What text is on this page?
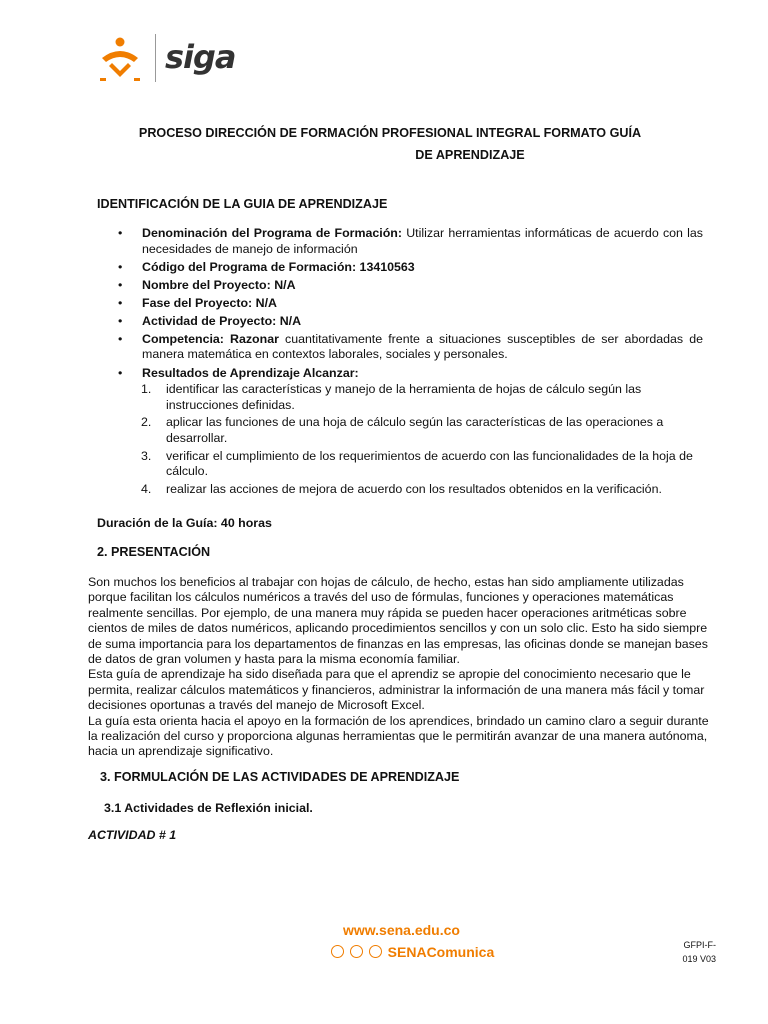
siga
PROCESO DIRECCIÓN DE FORMACIÓN PROFESIONAL INTEGRAL FORMATO GUÍA
DE APRENDIZAJE
IDENTIFICACIÓN DE LA GUIA DE APRENDIZAJE
• Denominación del Programa de Formación: Utilizar herramientas informáticas de acuerdo con las necesidades de manejo de información
• Código del Programa de Formación: 13410563
• Nombre del Proyecto: N/A
• Fase del Proyecto: N/A
• Actividad de Proyecto: N/A
• Competencia: Razonar cuantitativamente frente a situaciones susceptibles de ser abordadas de manera matemática en contextos laborales, sociales y personales.
• Resultados de Aprendizaje Alcanzar:
1. identificar las características y manejo de la herramienta de hojas de cálculo según las instrucciones definidas.
2. aplicar las funciones de una hoja de cálculo según las características de las operaciones a desarrollar.
3. verificar el cumplimiento de los requerimientos de acuerdo con las funcionalidades de la hoja de cálculo.
4. realizar las acciones de mejora de acuerdo con los resultados obtenidos en la verificación.
Duración de la Guía: 40 horas
2. PRESENTACIÓN

Son muchos los beneficios al trabajar con hojas de cálculo, de hecho, estas han sido ampliamente utilizadas porque facilitan los cálculos numéricos a través del uso de fórmulas, funciones y operaciones matemáticas realmente sencillas. Por ejemplo, de una manera muy rápida se pueden hacer operaciones aritméticas sobre cientos de miles de datos numéricos, aplicando procedimientos sencillos y con un solo clic. Esto ha sido siempre de suma importancia para los departamentos de finanzas en las empresas, las oficinas donde se manejan bases de datos de gran volumen y hasta para la misma economía familiar.

Esta guía de aprendizaje ha sido diseñada para que el aprendiz se apropie del conocimiento necesario que le permita, realizar cálculos matemáticos y financieros, administrar la información de una manera más fácil y tomar decisiones oportunas a través del manejo de Microsoft Excel.

La guía esta orienta hacia el apoyo en la formación de los aprendices, brindado un camino claro a seguir durante la realización del curso y proporciona algunas herramientas que le permitirán avanzar de una manera autónoma, hacia un aprendizaje significativo.

3. FORMULACIÓN DE LAS ACTIVIDADES DE APRENDIZAJE
3.1 Actividades de Reflexión inicial.
ACTIVIDAD # 1
www.sena.edu.co
SENAComunica	GFPI-F-
019 V03
